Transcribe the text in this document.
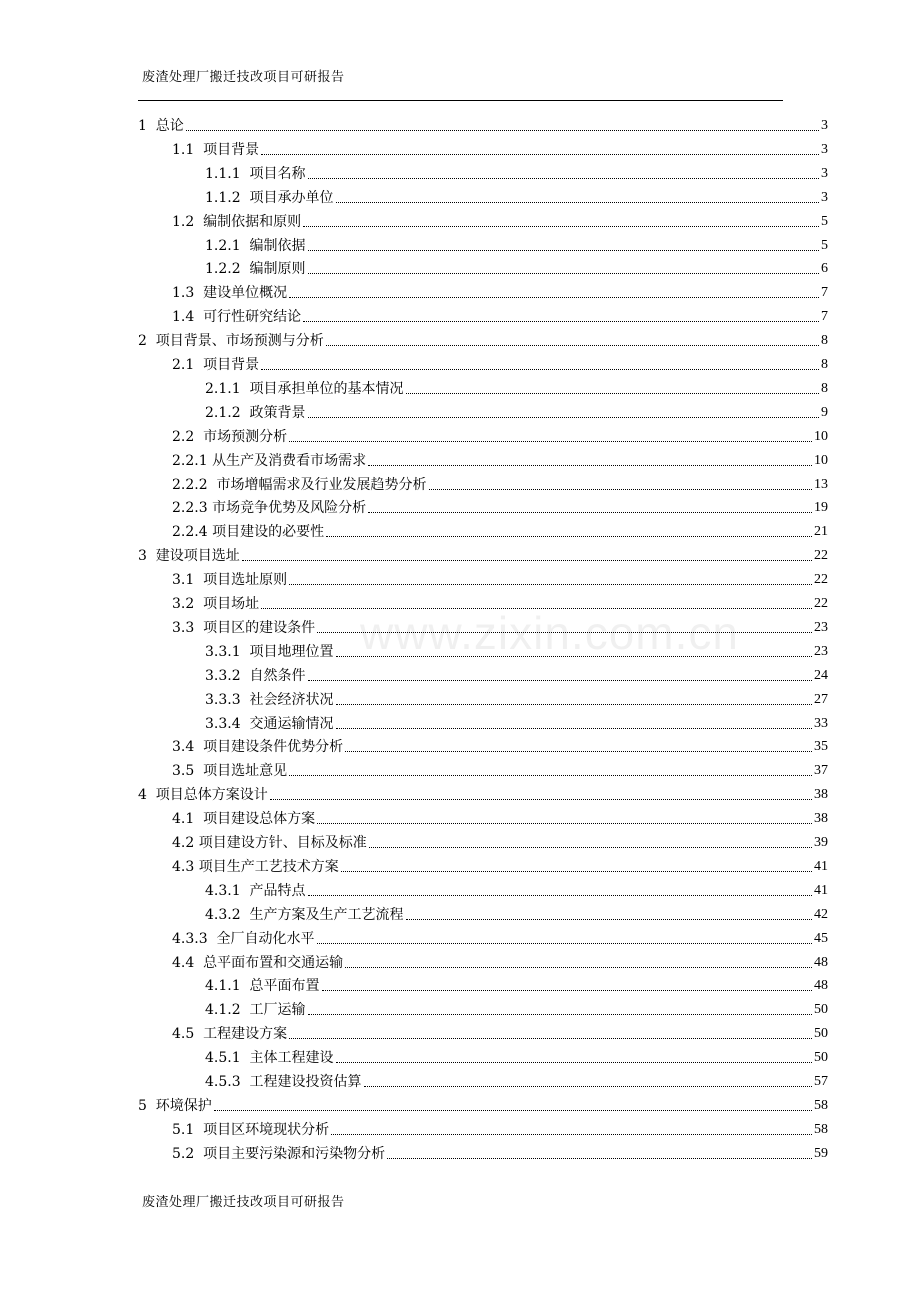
废渣处理厂搬迁技改项目可研报告
www.zixin.com.cn
1  总论	3
1.1  项目背景	3
1.1.1  项目名称	3
1.1.2  项目承办单位	3
1.2  编制依据和原则	5
1.2.1  编制依据	5
1.2.2  编制原则	6
1.3  建设单位概况	7
1.4  可行性研究结论	7
2  项目背景、市场预测与分析	8
2.1  项目背景	8
2.1.1  项目承担单位的基本情况	8
2.1.2  政策背景	9
2.2  市场预测分析	10
2.2.1 从生产及消费看市场需求	10
2.2.2  市场增幅需求及行业发展趋势分析	13
2.2.3 市场竞争优势及风险分析	19
2.2.4 项目建设的必要性	21
3  建设项目选址	22
3.1  项目选址原则	22
3.2  项目场址	22
3.3  项目区的建设条件	23
3.3.1  项目地理位置	23
3.3.2  自然条件	24
3.3.3  社会经济状况	27
3.3.4  交通运输情况	33
3.4  项目建设条件优势分析	35
3.5  项目选址意见	37
4  项目总体方案设计	38
4.1  项目建设总体方案	38
4.2 项目建设方针、目标及标准	39
4.3 项目生产工艺技术方案	41
4.3.1  产品特点	41
4.3.2  生产方案及生产工艺流程	42
4.3.3  全厂自动化水平	45
4.4  总平面布置和交通运输	48
4.1.1  总平面布置	48
4.1.2  工厂运输	50
4.5  工程建设方案	50
4.5.1  主体工程建设	50
4.5.3  工程建设投资估算	57
5  环境保护	58
5.1  项目区环境现状分析	58
5.2  项目主要污染源和污染物分析	59
废渣处理厂搬迁技改项目可研报告
